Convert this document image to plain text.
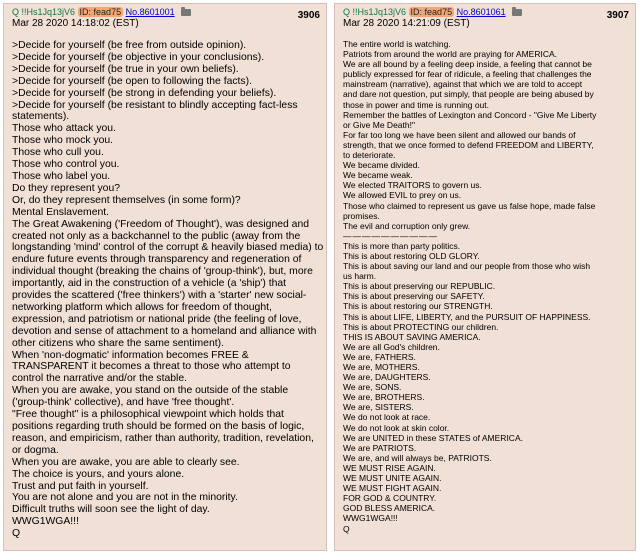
Q !!Hs1Jq13jV6 ID: fead75 No.8601001	3906
Mar 28 2020 14:18:02 (EST)
>Decide for yourself (be free from outside opinion).
>Decide for yourself (be objective in your conclusions).
>Decide for yourself (be true in your own beliefs).
>Decide for yourself (be open to following the facts).
>Decide for yourself (be strong in defending your beliefs).
>Decide for yourself (be resistant to blindly accepting fact-less
statements).
Those who attack you.
Those who mock you.
Those who cull you.
Those who control you.
Those who label you.
Do they represent you?
Or, do they represent themselves (in some form)?
Mental Enslavement.
The Great Awakening ('Freedom of Thought'), was designed and
created not only as a backchannel to the public (away from the
longstanding 'mind' control of the corrupt & heavily biased media) to
endure future events through transparency and regeneration of
individual thought (breaking the chains of 'group-think'), but, more
importantly, aid in the construction of a vehicle (a 'ship') that
provides the scattered ('free thinkers') with a 'starter' new social-
networking platform which allows for freedom of thought,
expression, and patriotism or national pride (the feeling of love,
devotion and sense of attachment to a homeland and alliance with
other citizens who share the same sentiment).
When 'non-dogmatic' information becomes FREE &
TRANSPARENT it becomes a threat to those who attempt to
control the narrative and/or the stable.
When you are awake, you stand on the outside of the stable
('group-think' collective), and have 'free thought'.
"Free thought" is a philosophical viewpoint which holds that
positions regarding truth should be formed on the basis of logic,
reason, and empiricism, rather than authority, tradition, revelation,
or dogma.
When you are awake, you are able to clearly see.
The choice is yours, and yours alone.
Trust and put faith in yourself.
You are not alone and you are not in the minority.
Difficult truths will soon see the light of day.
WWG1WGA!!!
Q
Q !!Hs1Jq13jV6 ID: fead75 No.8601061	3907
Mar 28 2020 14:21:09 (EST)
The entire world is watching.
Patriots from around the world are praying for AMERICA.
We are all bound by a feeling deep inside, a feeling that cannot be
publicly expressed for fear of ridicule, a feeling that challenges the
mainstream (narrative), against that which we are told to accept
and dare not question, put simply, that people are being abused by
those in power and time is running out.
Remember the battles of Lexington and Concord - "Give Me Liberty
or Give Me Death!"
For far too long we have been silent and allowed our bands of
strength, that we once formed to defend FREEDOM and LIBERTY,
to deteriorate.
We became divided.
We became weak.
We elected TRAITORS to govern us.
We allowed EVIL to prey on us.
Those who claimed to represent us gave us false hope, made false
promises.
The evil and corruption only grew.
——————————
This is more than party politics.
This is about restoring OLD GLORY.
This is about saving our land and our people from those who wish
us harm.
This is about preserving our REPUBLIC.
This is about preserving our SAFETY.
This is about restoring our STRENGTH.
This is about LIFE, LIBERTY, and the PURSUIT OF HAPPINESS.
This is about PROTECTING our children.
THIS IS ABOUT SAVING AMERICA.
We are all God's children.
We are, FATHERS.
We are, MOTHERS.
We are, DAUGHTERS.
We are, SONS.
We are, BROTHERS.
We are, SISTERS.
We do not look at race.
We do not look at skin color.
We are UNITED in these STATES of AMERICA.
We are PATRIOTS.
We are, and will always be, PATRIOTS.
WE MUST RISE AGAIN.
WE MUST UNITE AGAIN.
WE MUST FIGHT AGAIN.
FOR GOD & COUNTRY.
GOD BLESS AMERICA.
WWG1WGA!!!
Q
